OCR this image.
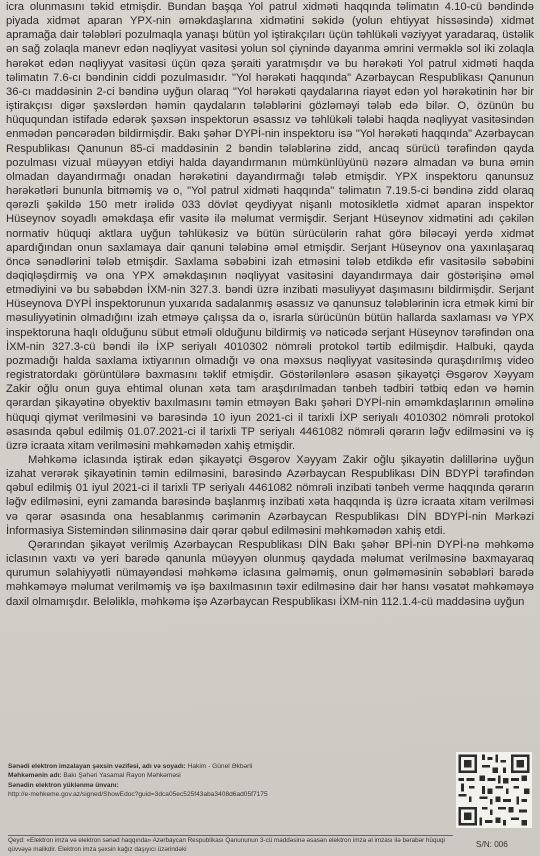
icra olunmasını təkid etmişdir. Bundan başqa Yol patrul xidməti haqqında təlimatın 4.10-cü bəndində piyada xidmət aparan YPX-nin əməkdaşlarına xidmətini səkidə (yolun ehtiyyat hissəsində) xidmət apramağa dair tələbləri pozulmaqla yanaşı bütün yol iştirakçıları üçün təhlükəli vəziyyət yaradaraq, üstəlik ən sağ zolaqla manevr edən nəqliyyat vasitəsi yolun sol çiynində dayanma əmrini verməklə sol iki zolaqla hərəkət edən nəqliyyat vasitəsi üçün qəza şəraiti yaratmışdır və bu hərəkəti Yol patrul xidməti haqda təlimatın 7.6-cı bəndinin ciddi pozulmasıdır. "Yol hərəkəti haqqında" Azərbaycan Respublikası Qanunun 36-cı maddəsinin 2-ci bəndinə uyğun olaraq "Yol hərəkəti qaydalarına riayət edən yol hərəkətinin hər bir iştirakçısı digər şəxslərdən həmin qaydaların tələblərini gözləməyi tələb edə bilər. O, özünün bu hüququndan istifadə edərək şəxsən inspektorun əsassız və təhlükəli tələbi haqda nəqliyyat vasitəsindən enmədən pəncərədən bildirmişdir. Bakı şəhər DYPİ-nin inspektoru isə "Yol hərəkəti haqqında" Azərbaycan Respublikası Qanunun 85-ci maddəsinin 2 bəndin tələblərinə zidd, ancaq sürücü tərəfindən qayda pozulması vizual müəyyən etdiyi halda dayandırmanın mümkünlüyünü nəzərə almadan və buna əmin olmadan dayandırmağı onadan hərəkətini dayandırmağı tələb etmişdir. YPX inspektoru qanunsuz hərəkətləri bununla bitməmiş və o, "Yol patrul xidməti haqqında" təlimatın 7.19.5-ci bəndinə zidd olaraq qərəzli şəkildə 150 metr irəlidə 033 dövlət qeydiyyat nişanlı motosikletlə xidmət aparan inspektor Hüseynov soyadlı əməkdaşa efir vasitə ilə məlumat vermişdir. Serjant Hüseynov xidmətini adı çəkilən normativ hüquqi aktlara uyğun təhlükəsiz və bütün sürücülərin rahat görə biləcəyi yerdə xidmət apardığından onun saxlamaya dair qanuni tələbinə əməl etmişdir. Serjant Hüseynov ona yaxınlaşaraq öncə sənədlərini tələb etmişdir. Saxlama səbəbini izah etməsini tələb etdikdə efir vasitəsilə səbəbini dəqiqləşdirmiş və ona YPX əməkdaşının nəqliyyat vasitəsini dayandırmaya dair göstərişinə əməl etmədiyini və bu səbəbdən İXM-nin 327.3. bəndi üzrə inzibati məsuliyyət daşımasını bildirmişdir. Serjant Hüseynova DYPİ inspektorunun yuxarıda sadalanmış əsassız və qanunsuz tələblərinin icra etmək kimi bir məsuliyyətinin olmadığını izah etməyə çalışsa da o, israrla sürücünün bütün hallarda saxlaması və YPX inspektoruna haqlı olduğunu sübut etməli olduğunu bildirmiş və nəticədə serjant Hüseynov tərəfindən ona İXM-nin 327.3-cü bəndi ilə İXP seriyalı 4010302 nömrəli protokol tərtib edilmişdir. Halbuki, qayda pozmadığı halda saxlama ixtiyarının olmadığı və ona məxsus nəqliyyat vasitəsində quraşdırılmış video registratordakı görüntülərə baxmasını təklif etmişdir. Göstərilənlərə əsasən şikayətçi Əsgərov Xəyyam Zakir oğlu onun guya ehtimal olunan xəta tam araşdırılmadan tənbeh tədbiri tətbiq edən və həmin qərardan şikayətinə obyektiv baxılmasını təmin etməyən Bakı şəhəri DYPİ-nin əməmkdaşlarının əməlinə hüquqi qiymət verilməsini və barəsində 10 iyun 2021-ci il tarixli İXP seriyalı 4010302 nömrəli protokol əsasında qəbul edilmiş 01.07.2021-ci il tarixli TP seriyalı 4461082 nömrəli qərarın ləğv edilməsini və iş üzrə icraata xitam verilməsini məhkəmədən xahiş etmişdir.

Məhkəmə iclasında iştirak edən şikayətçi Əsgərov Xəyyam Zakir oğlu şikayətin dəlillərinə uyğun izahat verərək şikayətinin təmin edilməsini, barəsində Azərbaycan Respublikası DİN BDYPİ tərəfindən qəbul edilmiş 01 iyul 2021-ci il tarixli TP seriyalı 4461082 nömrəli inzibati tənbeh verme haqqında qərarın ləğv edilməsini, eyni zamanda barəsində başlanmış inzibati xəta haqqında iş üzrə icraata xitam verilməsi və qərar əsasında ona hesablanmış cərimənin Azərbaycan Respublikası DİN BDYPİ-nin Mərkəzi İnformasiya Sistemindən silinməsinə dair qərar qəbul edilməsini məhkəmədən xahiş etdi.

Qərarından şikayət verilmiş Azərbaycan Respublikası DİN Bakı şəhər BPİ-nin DYPİ-nə məhkəmə iclasının vaxtı və yeri barədə qanunla müəyyən olunmuş qaydada məlumat verilməsinə baxmayaraq qurumun səlahiyyətli nümayəndəsi məhkəmə iclasına gəlməmiş, onun gəlməməsinin səbəbləri barədə məhkəməyə məlumat verilməmiş və işə baxılmasının təxir edilməsinə dair hər hansı vəsatət məhkəməyə daxil olmamışdır. Beləliklə, məhkəmə işə Azərbaycan Respublikası İXM-nin 112.1.4-cü maddəsinə uyğun

Sənədi elektron imzalayan şəxsin vəzifəsi, adı və soyadı: Hakim - Günel Əkbərli
Məhkəmənin adı: Bakı Şəhəri Yasamal Rayon Məhkəməsi
Sənədin elektron yüklənmə ünvanı:
http://e-mehkeme.gov.az/signed/ShowEdoc?guid=3dca05ec525f43aba3408d6ad05f7175
Qeyd: «Elektron imza və elektron sənəd haqqında» Azərbaycan Respublikası Qanununun 3-cü maddəsinə əsasən elektron imza əl imzası ilə bərabər hüquqi qüvvəyə malikdir. Elektron imza şəxsin kağız daşıyıcı üzərindəki
S/N: 006
